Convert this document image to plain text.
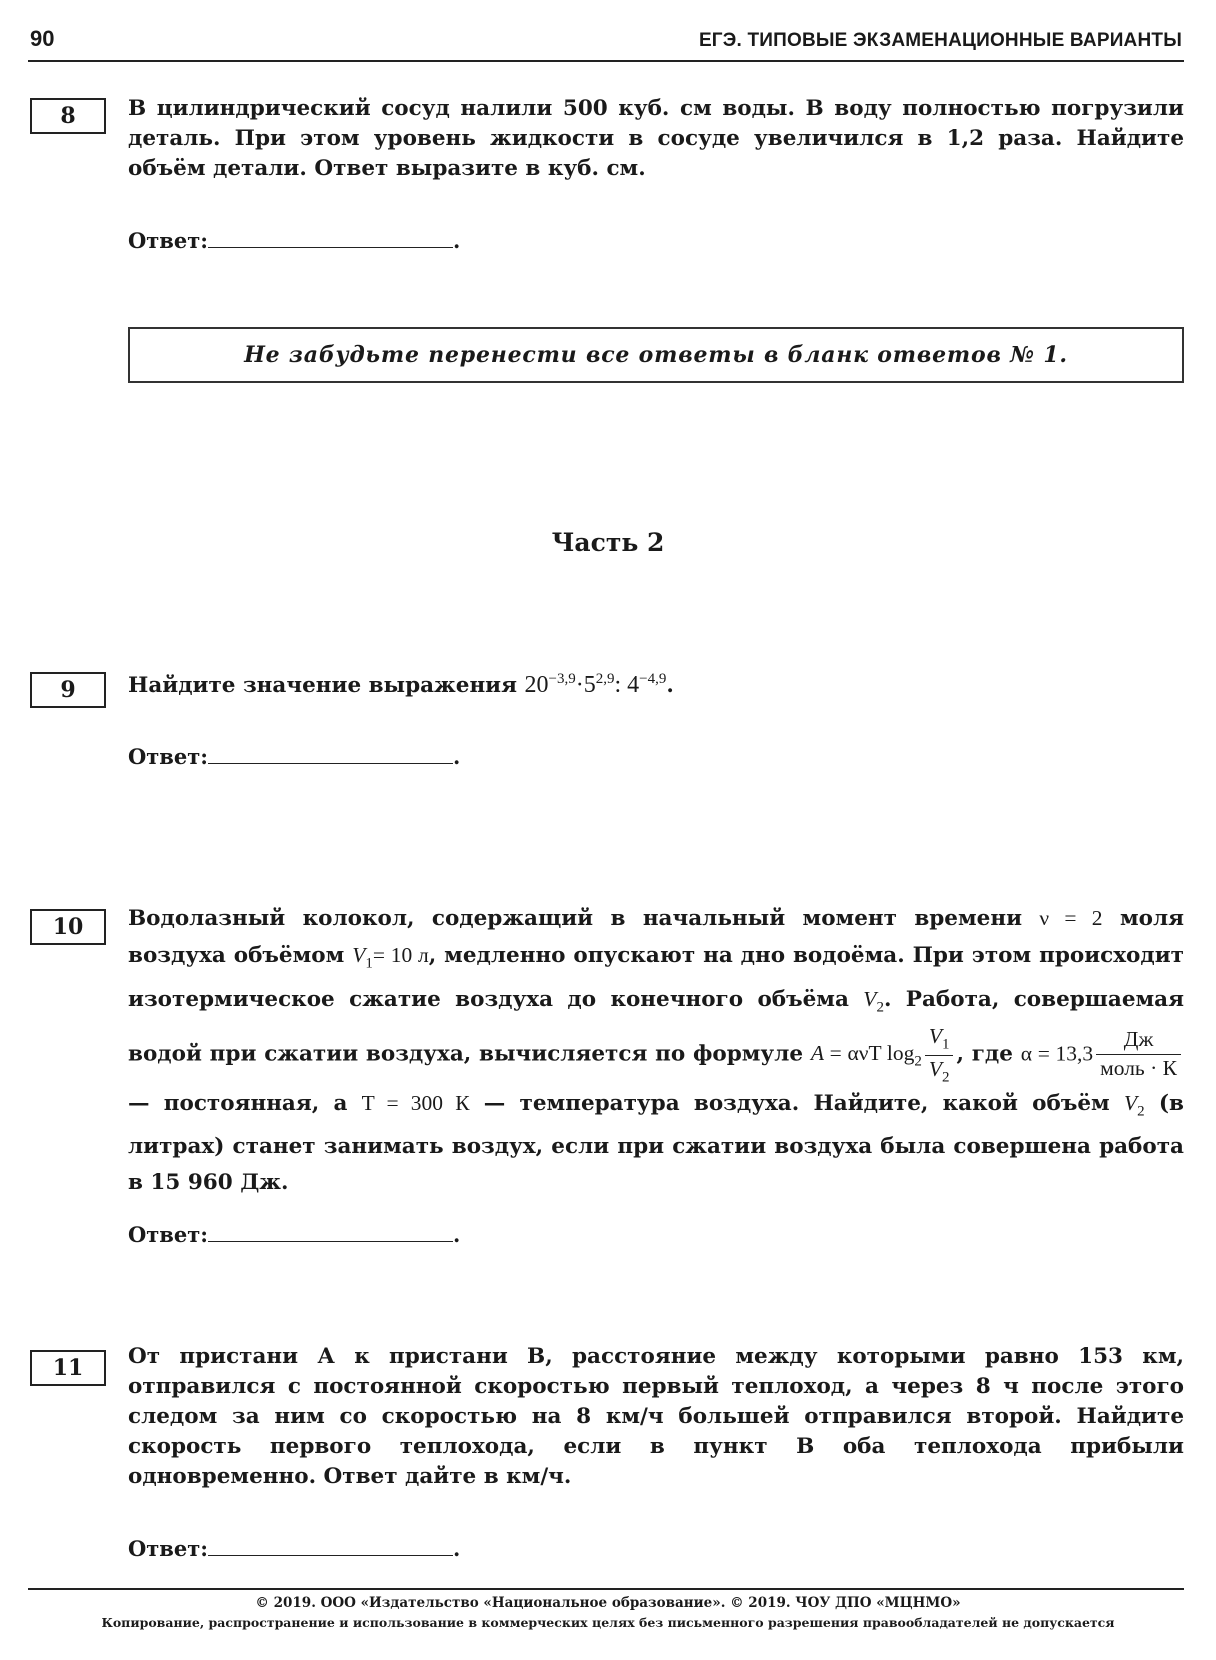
90	ЕГЭ. ТИПОВЫЕ ЭКЗАМЕНАЦИОННЫЕ ВАРИАНТЫ
8	В цилиндрический сосуд налили 500 куб. см воды. В воду полностью погрузили деталь. При этом уровень жидкости в сосуде увеличился в 1,2 раза. Найдите объём детали. Ответ выразите в куб. см.
Ответ:	.
Не забудьте перенести все ответы в бланк ответов № 1.
Часть 2
9	Найдите значение выражения $20^{-3,9}\cdot 5^{2,9}$: $4^{-4,9}$.
Ответ:	.
10	Водолазный колокол, содержащий в начальный момент времени ν = 2 моля воздуха объёмом $V_1= 10$ л, медленно опускают на дно водоёма. При этом происходит изотермическое сжатие воздуха до конечного объёма $V_2$. Работа, совершаемая водой при сжатии воздуха, вычисляется по формуле A = ανT $\log_2 \frac{V_1}{V_2}$ , где $\alpha = 13,3 \frac{Дж}{\text{моль · К}}$
— постоянная, а T = 300 К — температура воздуха. Найдите, какой объём $V_2$ (в литрах) станет занимать воздух, если при сжатии воздуха была совершена работа в 15 960 Дж.
Ответ:	.
11	От пристани А к пристани В, расстояние между которыми равно 153 км, отправился с постоянной скоростью первый теплоход, а через 8 ч после этого следом за ним со скоростью на 8 км/ч большей отправился второй. Найдите скорость первого теплохода, если в пункт В оба теплохода прибыли одновременно. Ответ дайте в км/ч.
Ответ:	.
© 2019. ООО «Издательство «Национальное образование». © 2019. ЧОУ ДПО «МЦНМО»
Копирование, распространение и использование в коммерческих целях без письменного разрешения правообладателей не допускается
